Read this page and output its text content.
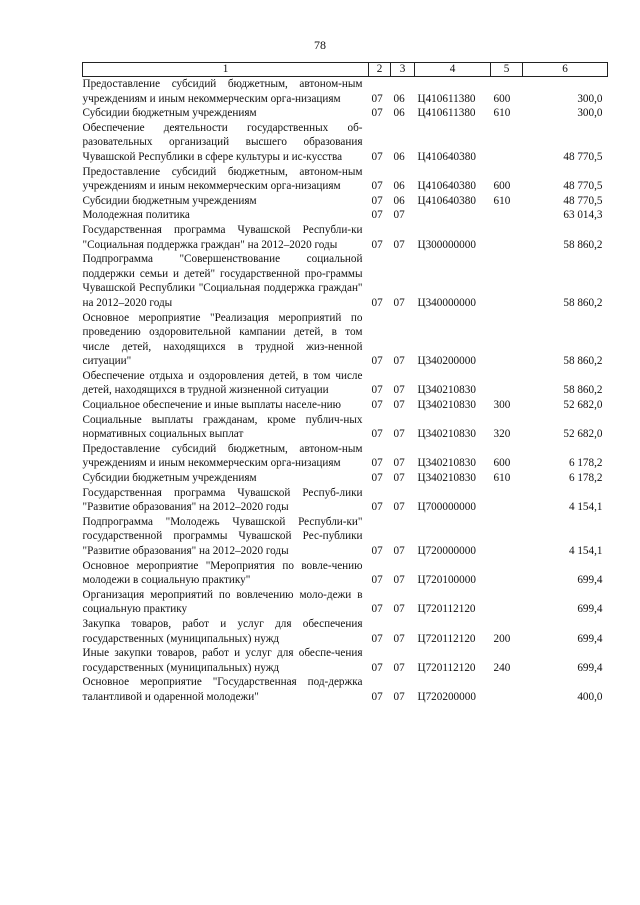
78
1	2	3	4	5	6
Предоставление субсидий бюджетным, автоном-ным учреждениям и иным некоммерческим орга-низациям	07	06	Ц410611380	600	300,0
Субсидии бюджетным учреждениям	07	06	Ц410611380	610	300,0
Обеспечение деятельности государственных об-разовательных организаций высшего образования Чувашской Республики в сфере культуры и ис-кусства	07	06	Ц410640380		48 770,5
Предоставление субсидий бюджетным, автоном-ным учреждениям и иным некоммерческим орга-низациям	07	06	Ц410640380	600	48 770,5
Субсидии бюджетным учреждениям	07	06	Ц410640380	610	48 770,5
Молодежная политика	07	07			63 014,3
Государственная программа Чувашской Республи-ки "Социальная поддержка граждан" на 2012–2020 годы	07	07	Ц300000000		58 860,2
Подпрограмма "Совершенствование социальной поддержки семьи и детей" государственной про-граммы Чувашской Республики "Социальная поддержка граждан" на 2012–2020 годы	07	07	Ц340000000		58 860,2
Основное мероприятие "Реализация мероприятий по проведению оздоровительной кампании детей, в том числе детей, находящихся в трудной жиз-ненной ситуации"	07	07	Ц340200000		58 860,2
Обеспечение отдыха и оздоровления детей, в том числе детей, находящихся в трудной жизненной ситуации	07	07	Ц340210830		58 860,2
Социальное обеспечение и иные выплаты населе-нию	07	07	Ц340210830	300	52 682,0
Социальные выплаты гражданам, кроме публич-ных нормативных социальных выплат	07	07	Ц340210830	320	52 682,0
Предоставление субсидий бюджетным, автоном-ным учреждениям и иным некоммерческим орга-низациям	07	07	Ц340210830	600	6 178,2
Субсидии бюджетным учреждениям	07	07	Ц340210830	610	6 178,2
Государственная программа Чувашской Респуб-лики "Развитие образования" на 2012–2020 годы	07	07	Ц700000000		4 154,1
Подпрограмма "Молодежь Чувашской Республи-ки" государственной программы Чувашской Рес-публики "Развитие образования" на 2012–2020 годы	07	07	Ц720000000		4 154,1
Основное мероприятие "Мероприятия по вовле-чению молодежи в социальную практику"	07	07	Ц720100000		699,4
Организация мероприятий по вовлечению моло-дежи в социальную практику	07	07	Ц720112120		699,4
Закупка товаров, работ и услуг для обеспечения государственных (муниципальных) нужд	07	07	Ц720112120	200	699,4
Иные закупки товаров, работ и услуг для обеспе-чения государственных (муниципальных) нужд	07	07	Ц720112120	240	699,4
Основное мероприятие "Государственная под-держка талантливой и одаренной молодежи"	07	07	Ц720200000		400,0
